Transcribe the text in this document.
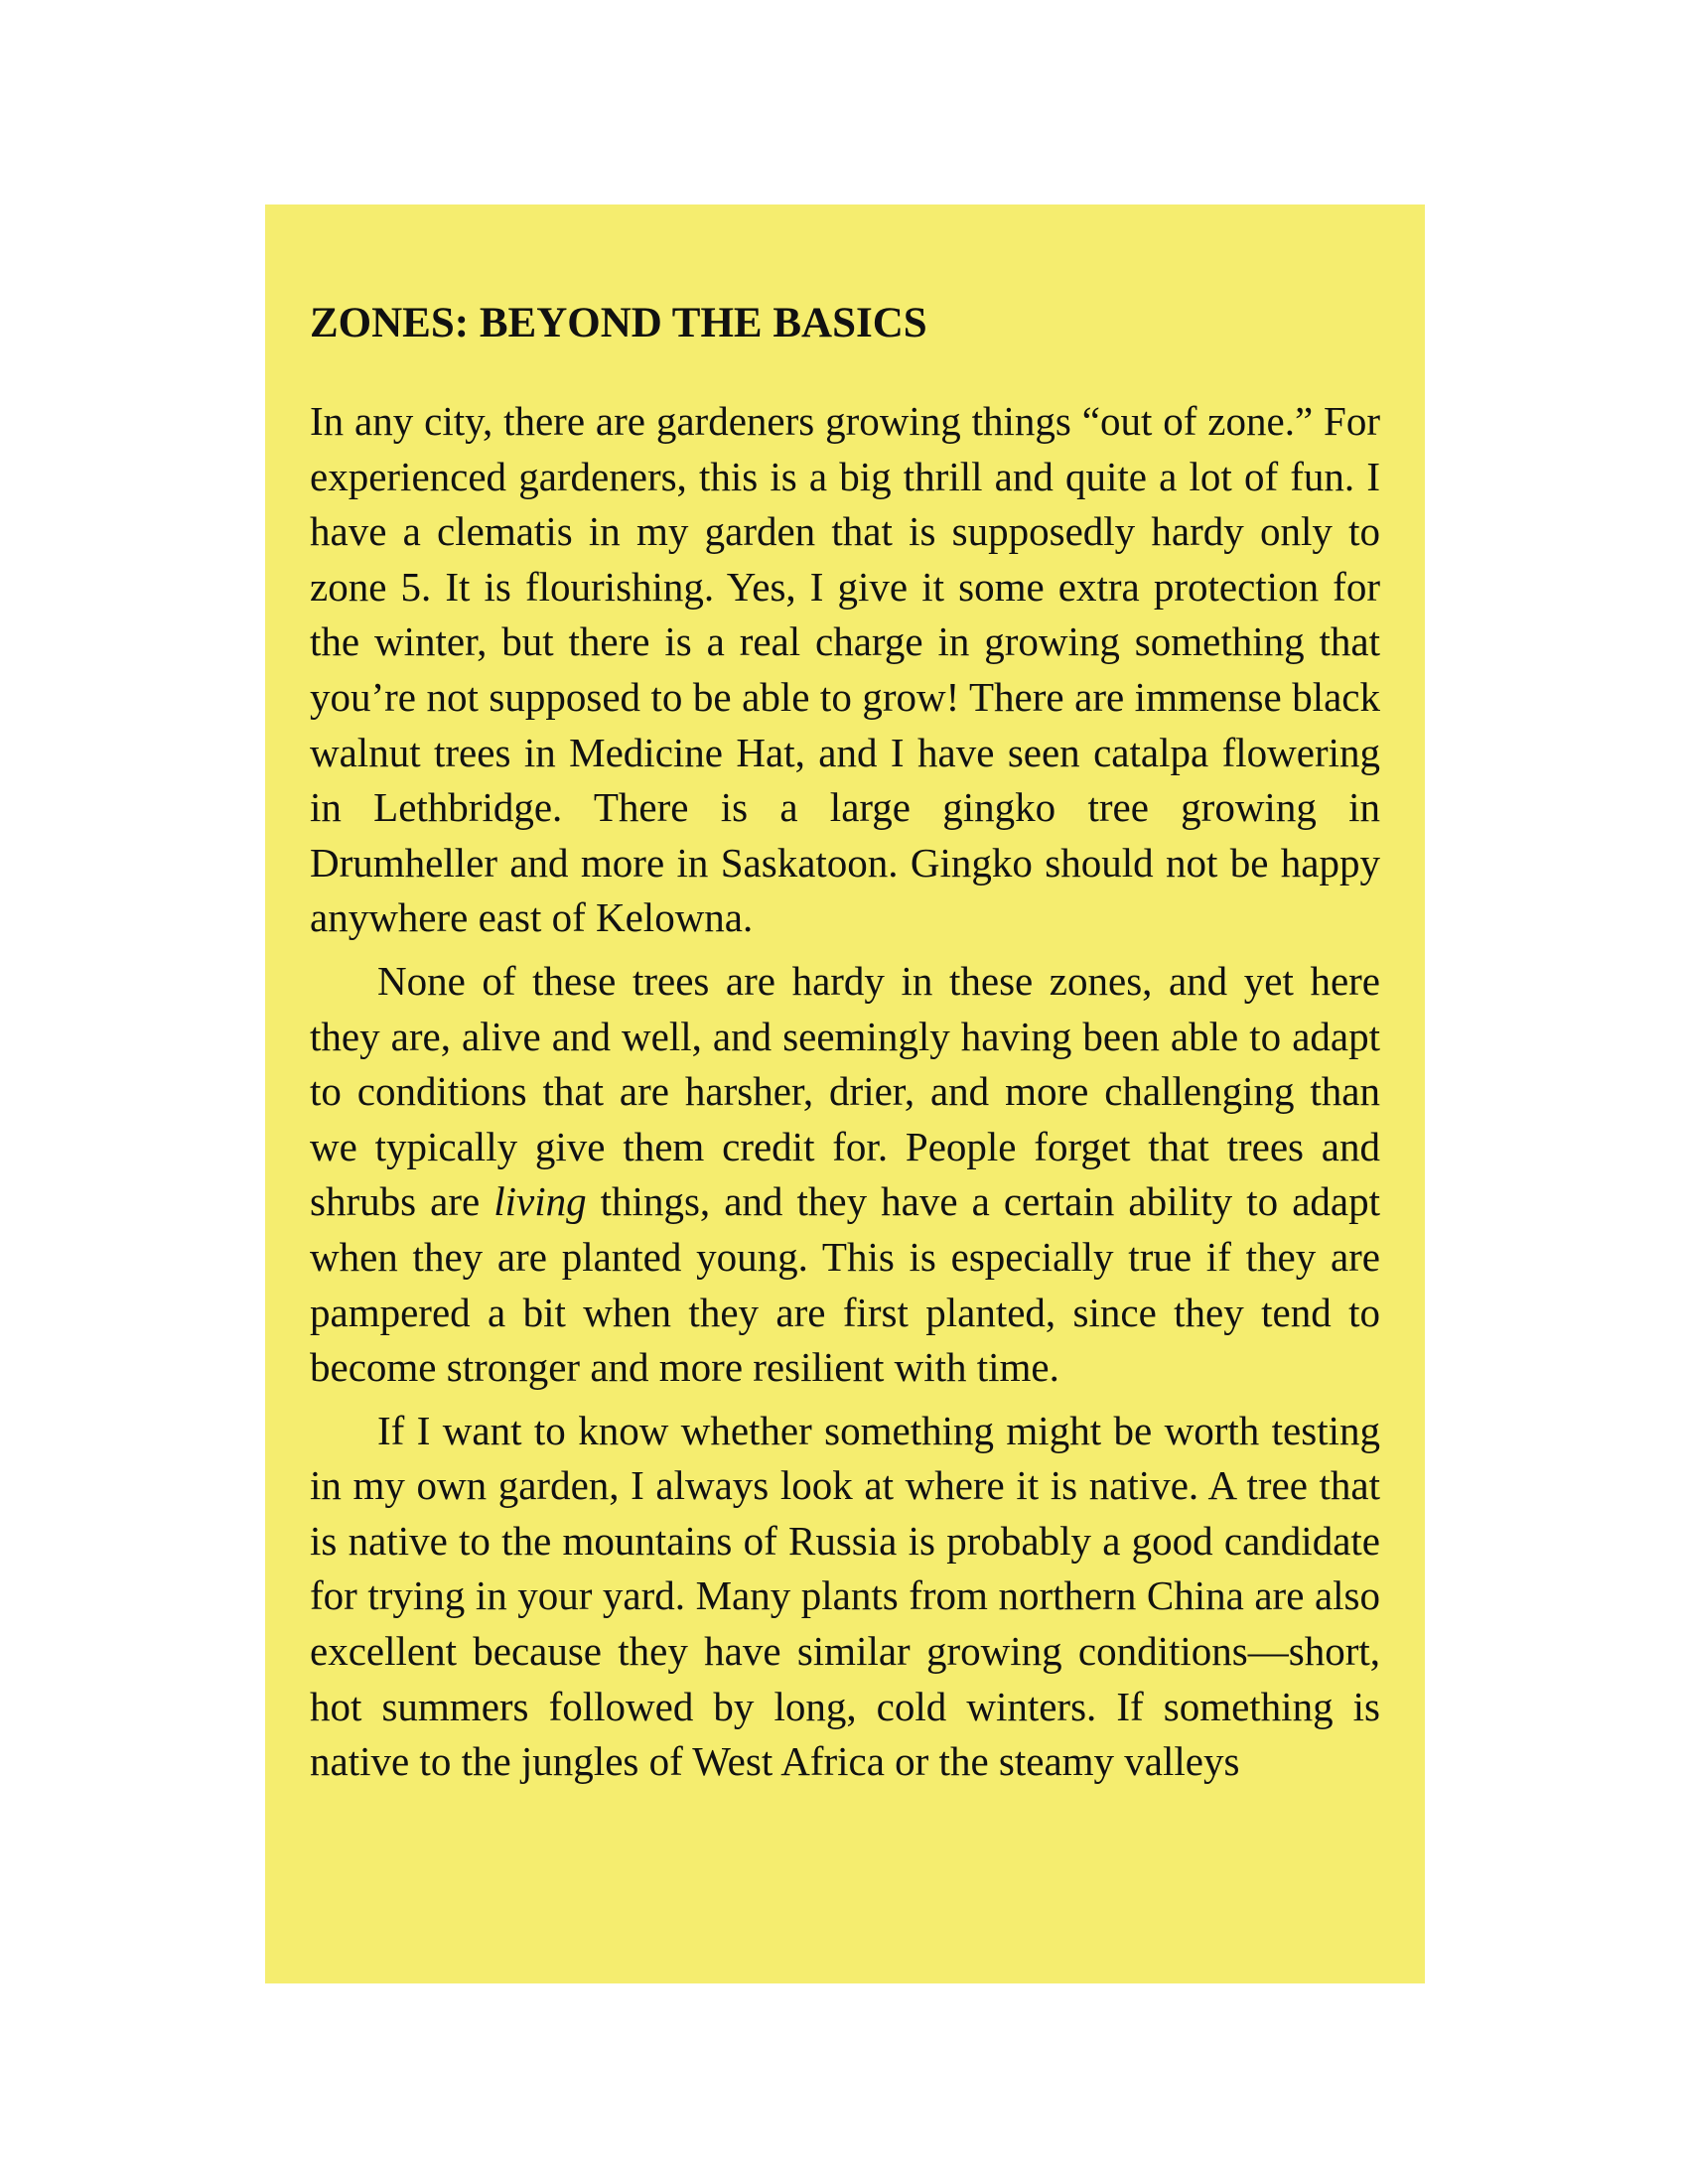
ZONES: BEYOND THE BASICS

In any city, there are gardeners growing things “out of zone.” For experienced gardeners, this is a big thrill and quite a lot of fun. I have a clematis in my garden that is supposedly hardy only to zone 5. It is flourishing. Yes, I give it some extra protection for the winter, but there is a real charge in growing something that you’re not supposed to be able to grow! There are immense black walnut trees in Medicine Hat, and I have seen catalpa flowering in Lethbridge. There is a large gingko tree growing in Drumheller and more in Saskatoon. Gingko should not be happy anywhere east of Kelowna.

None of these trees are hardy in these zones, and yet here they are, alive and well, and seemingly having been able to adapt to conditions that are harsher, drier, and more challenging than we typically give them credit for. People forget that trees and shrubs are living things, and they have a certain ability to adapt when they are planted young. This is especially true if they are pampered a bit when they are first planted, since they tend to become stronger and more resilient with time.

If I want to know whether something might be worth testing in my own garden, I always look at where it is native. A tree that is native to the mountains of Russia is probably a good candidate for trying in your yard. Many plants from northern China are also excellent because they have similar growing conditions—short, hot summers followed by long, cold winters. If something is native to the jungles of West Africa or the steamy valleys
